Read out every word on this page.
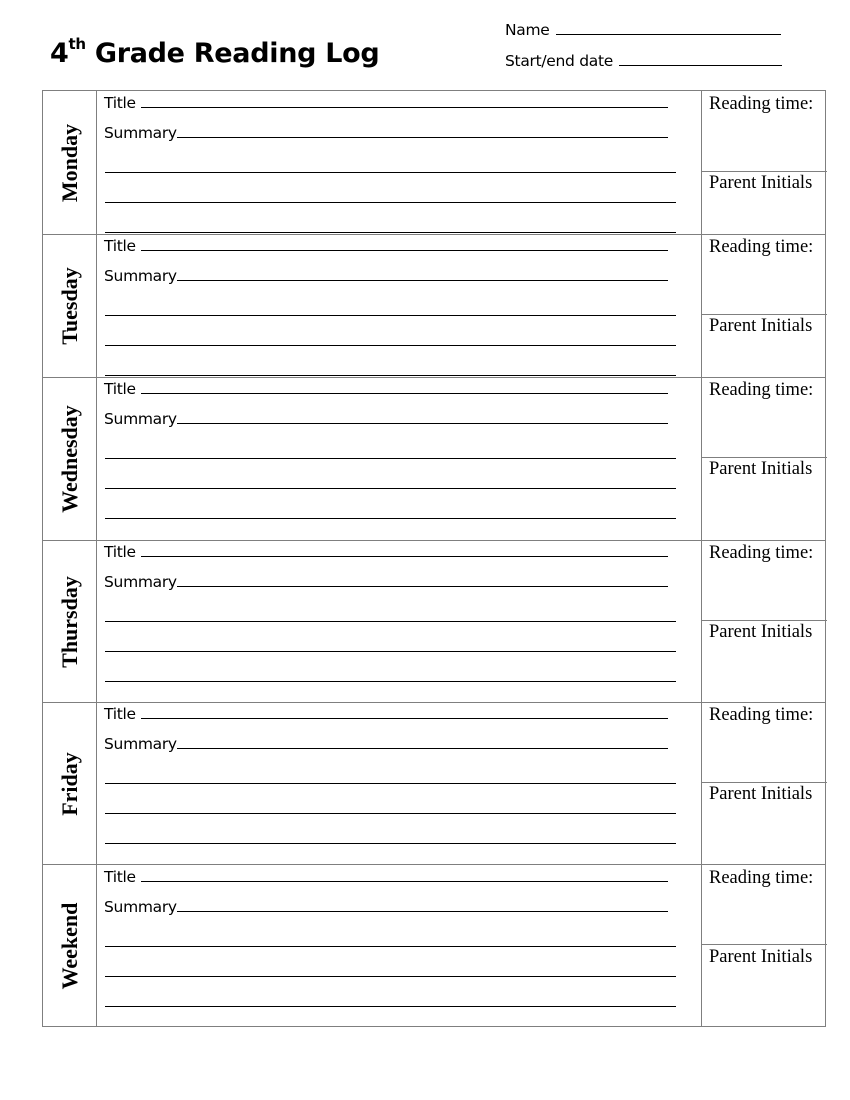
4th Grade Reading Log
Name
Start/end date
Monday
Title
Summary
Reading time:
Parent Initials
Tuesday
Title
Summary
Reading time:
Parent Initials
Wednesday
Title
Summary
Reading time:
Parent Initials
Thursday
Title
Summary
Reading time:
Parent Initials
Friday
Title
Summary
Reading time:
Parent Initials
Weekend
Title
Summary
Reading time:
Parent Initials
